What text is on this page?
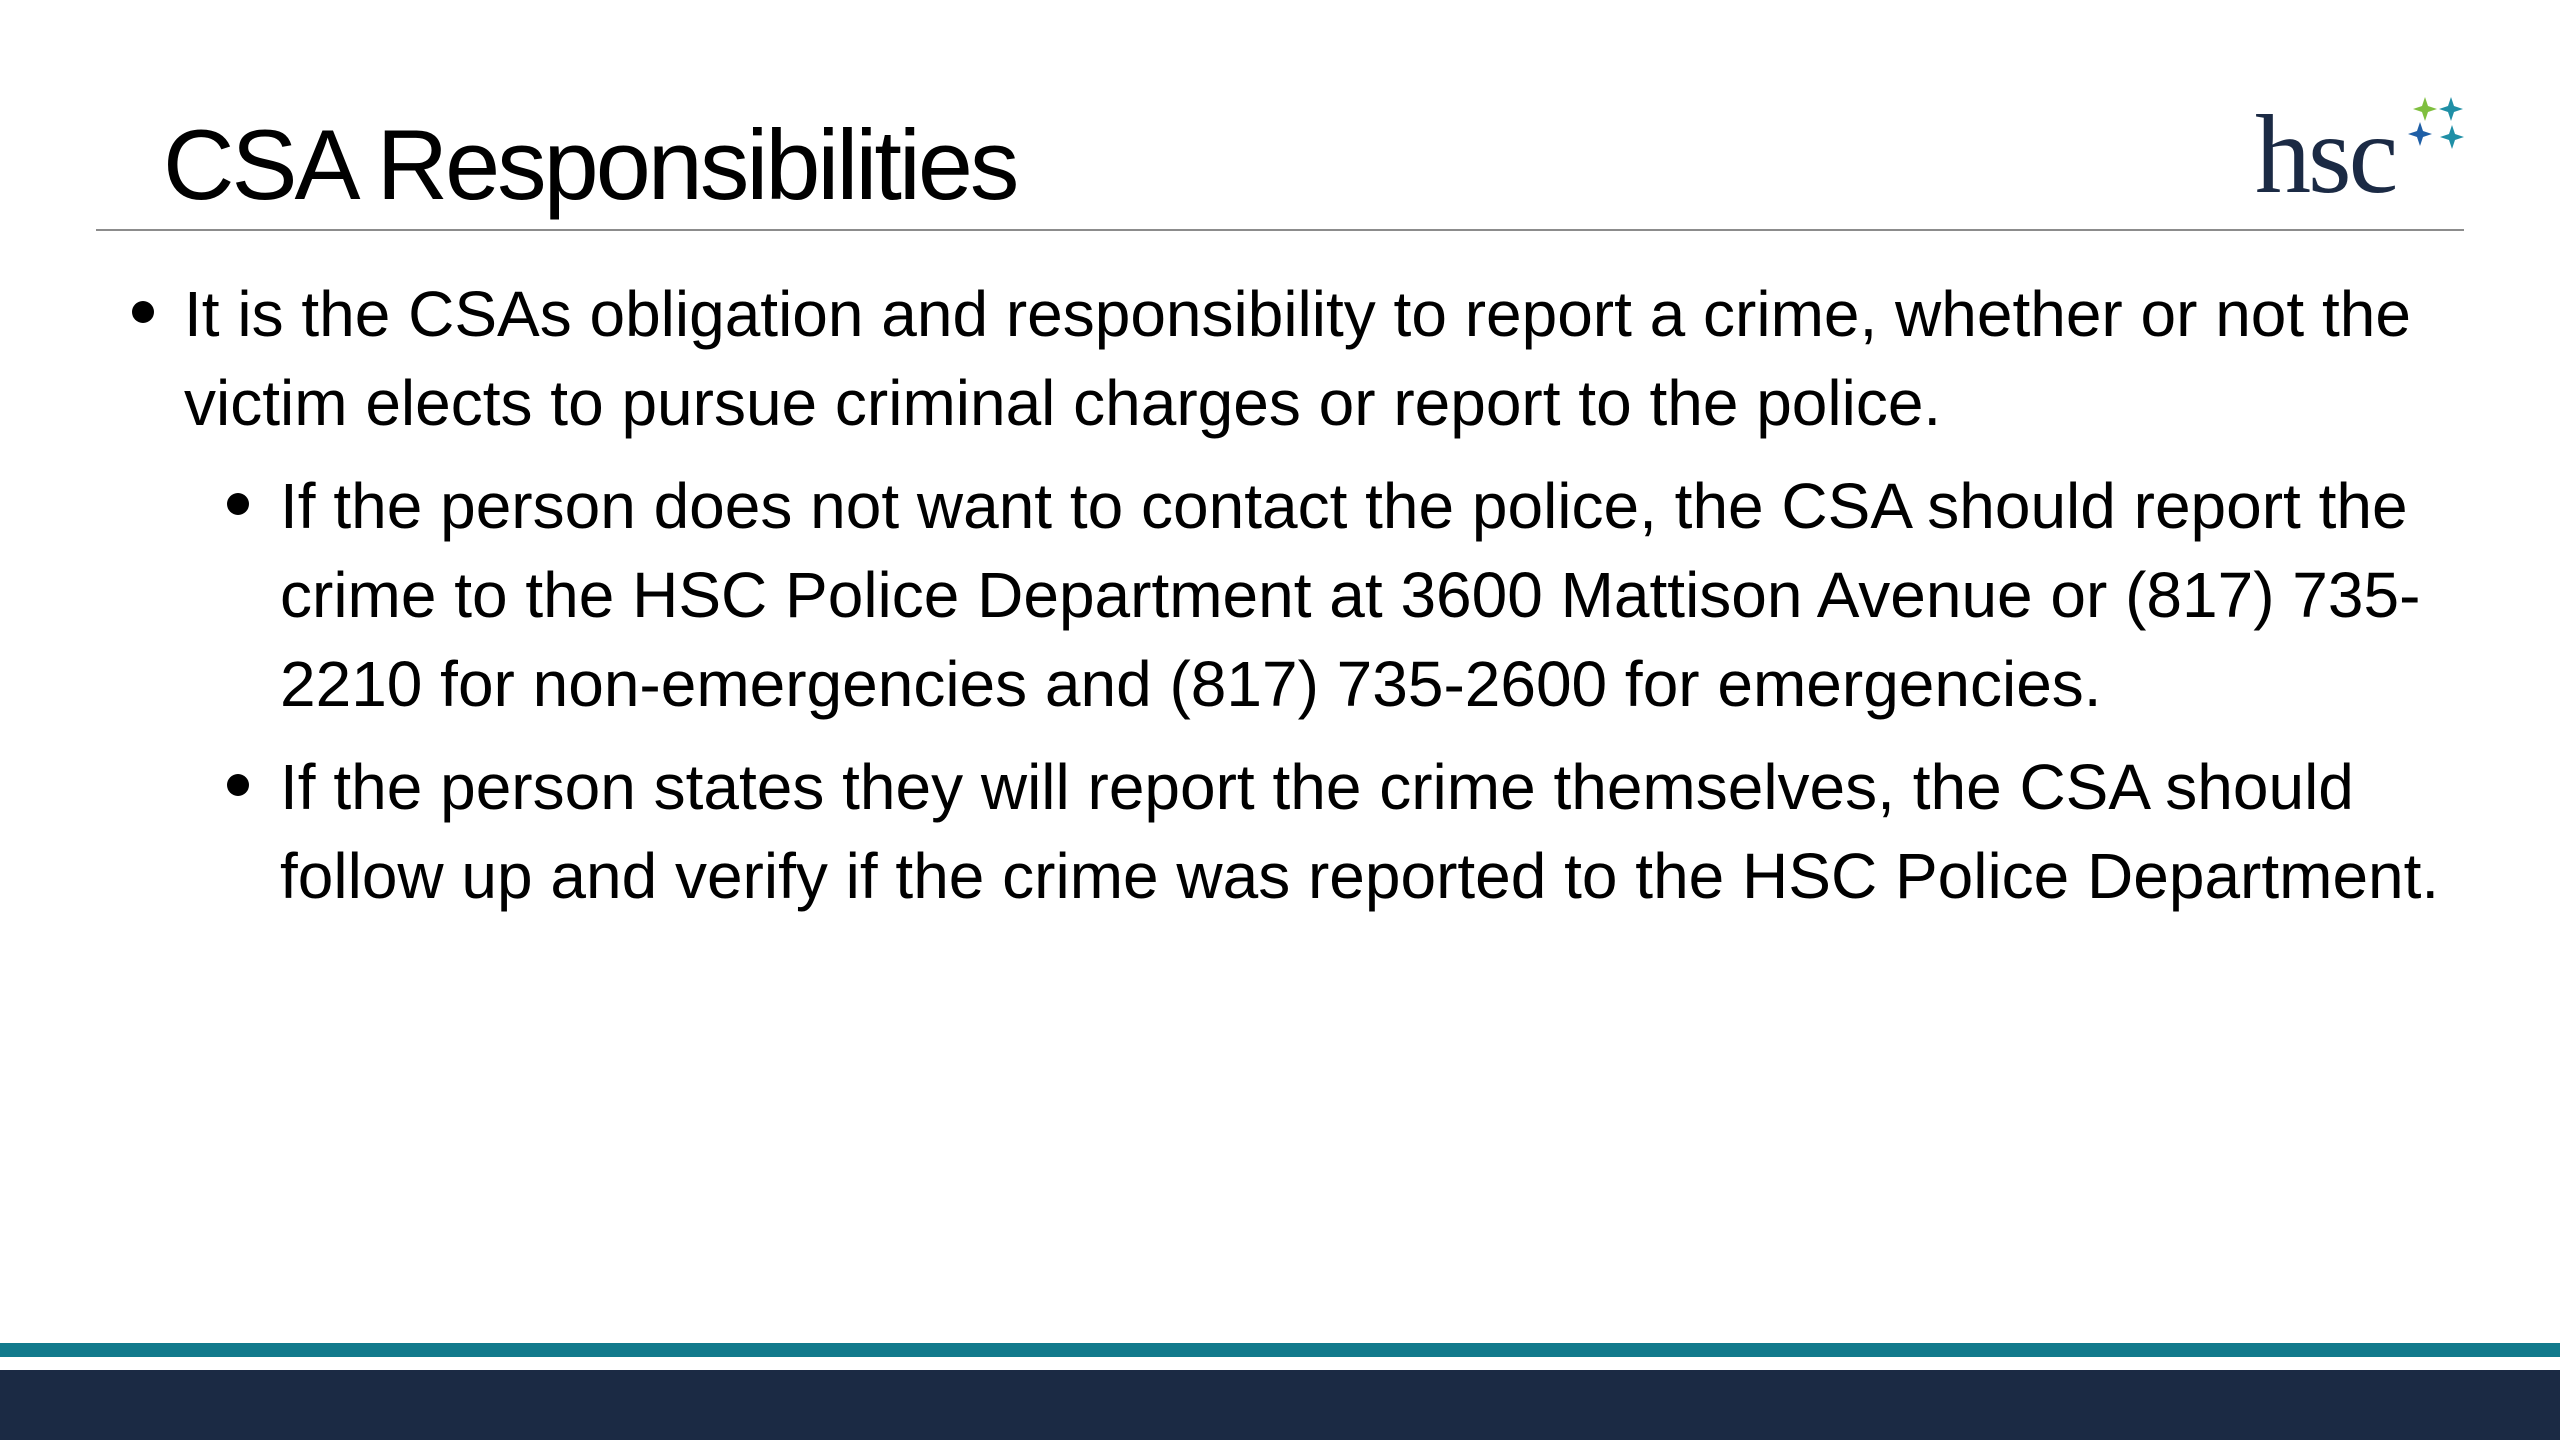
CSA Responsibilities	hsc
It is the CSAs obligation and responsibility to report a crime, whether or not the victim elects to pursue criminal charges or report to the police.
If the person does not want to contact the police, the CSA should report the crime to the HSC Police Department at 3600 Mattison Avenue or (817) 735-2210 for non-emergencies and (817) 735-2600 for emergencies.
If the person states they will report the crime themselves, the CSA should follow up and verify if the crime was reported to the HSC Police Department.
